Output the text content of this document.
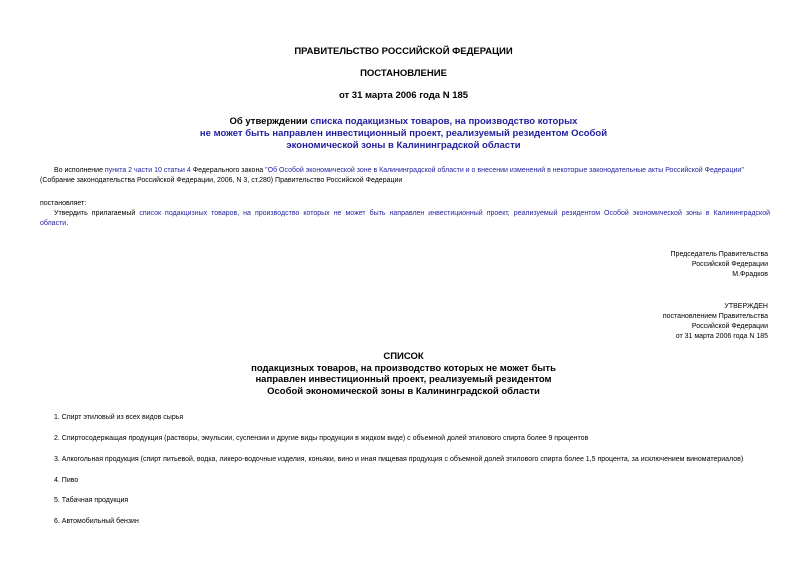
ПРАВИТЕЛЬСТВО РОССИЙСКОЙ ФЕДЕРАЦИИ
ПОСТАНОВЛЕНИЕ
от 31 марта 2006 года N 185
Об утверждении списка подакцизных товаров, на производство которых
не может быть направлен инвестиционный проект, реализуемый резидентом Особой
экономической зоны в Калининградской области
Во исполнение пункта 2 части 10 статьи 4 Федерального закона "Об Особой экономической зоне в Калининградской области и о внесении изменений в некоторые законодательные акты Российской Федерации"
(Собрание законодательства Российской Федерации, 2006, N 3, ст.280) Правительство Российской Федерации
постановляет:
Утвердить прилагаемый список подакцизных товаров, на производство которых не может быть направлен инвестиционный проект, реализуемый резидентом Особой экономической зоны в Калининградской
области.
Председатель Правительства
Российской Федерации
М.Фрадков
УТВЕРЖДЕН
постановлением Правительства
Российской Федерации
от 31 марта 2006 года N 185
СПИСОК
подакцизных товаров, на производство которых не может быть
направлен инвестиционный проект, реализуемый резидентом
Особой экономической зоны в Калининградской области
1. Спирт этиловый из всех видов сырья
2. Спиртосодержащая продукция (растворы, эмульсии, суспензии и другие виды продукции в жидком виде) с объемной долей этилового спирта более 9 процентов
3. Алкогольная продукция (спирт питьевой, водка, ликеро-водочные изделия, коньяки, вино и иная пищевая продукция с объемной долей этилового спирта более 1,5 процента, за исключением виноматериалов)
4. Пиво
5. Табачная продукция
6. Автомобильный бензин
